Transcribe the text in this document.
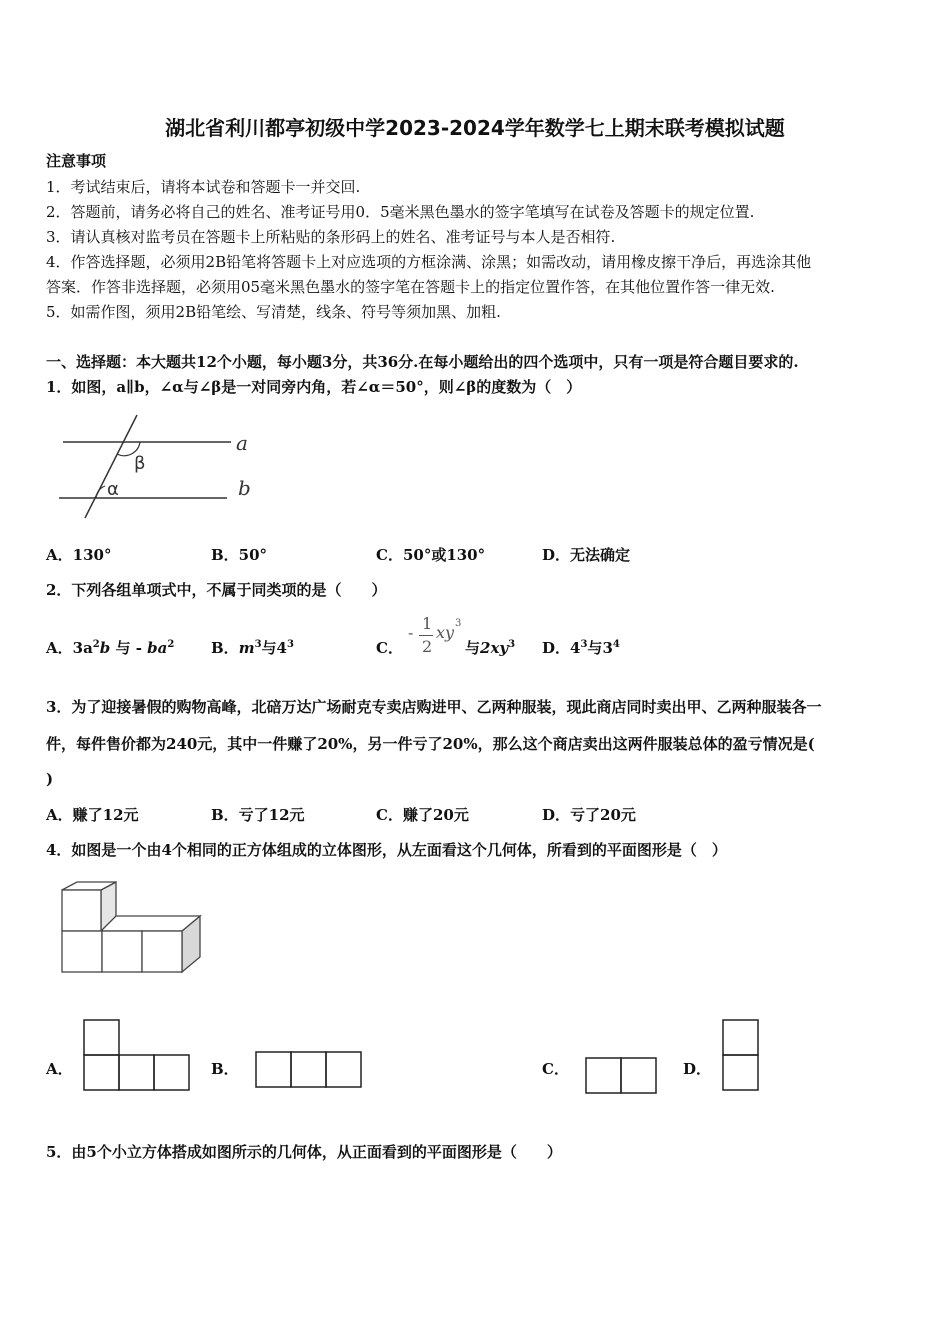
湖北省利川都亭初级中学2023-2024学年数学七上期末联考模拟试题
注意事项
1．考试结束后，请将本试卷和答题卡一并交回.
2．答题前，请务必将自己的姓名、准考证号用0．5毫米黑色墨水的签字笔填写在试卷及答题卡的规定位置.
3．请认真核对监考员在答题卡上所粘贴的条形码上的姓名、准考证号与本人是否相符.
4．作答选择题，必须用2B铅笔将答题卡上对应选项的方框涂满、涂黑；如需改动，请用橡皮擦干净后，再选涂其他
答案．作答非选择题，必须用05毫米黑色墨水的签字笔在答题卡上的指定位置作答，在其他位置作答一律无效.
5．如需作图，须用2B铅笔绘、写清楚，线条、符号等须加黑、加粗.
一、选择题：本大题共12个小题，每小题3分，共36分.在每小题给出的四个选项中，只有一项是符合题目要求的.
1．如图，a∥b，∠α与∠β是一对同旁内角，若∠α＝50°，则∠β的度数为（　）
β
α
a
b
A．130°	B．50°	C．50°或130°	D．无法确定
2．下列各组单项式中，不属于同类项的是（　　）
A．$3a^2b$ 与 - $ba^2$ B．$m^3$与$4^3$	C．
- 1
2
xy 3
与$2xy^3$ D．$4^3$与$3^4$
3．为了迎接暑假的购物高峰，北碚万达广场耐克专卖店购进甲、乙两种服装，现此商店同时卖出甲、乙两种服装各一
件，每件售价都为240元，其中一件赚了20%，另一件亏了20%，那么这个商店卖出这两件服装总体的盈亏情况是(
)
A．赚了12元	B．亏了12元	C．赚了20元	D．亏了20元
4．如图是一个由4个相同的正方体组成的立体图形，从左面看这个几何体，所看到的平面图形是（　）
A．	B．	C．	D．
5．由5个小立方体搭成如图所示的几何体，从正面看到的平面图形是（　　）
